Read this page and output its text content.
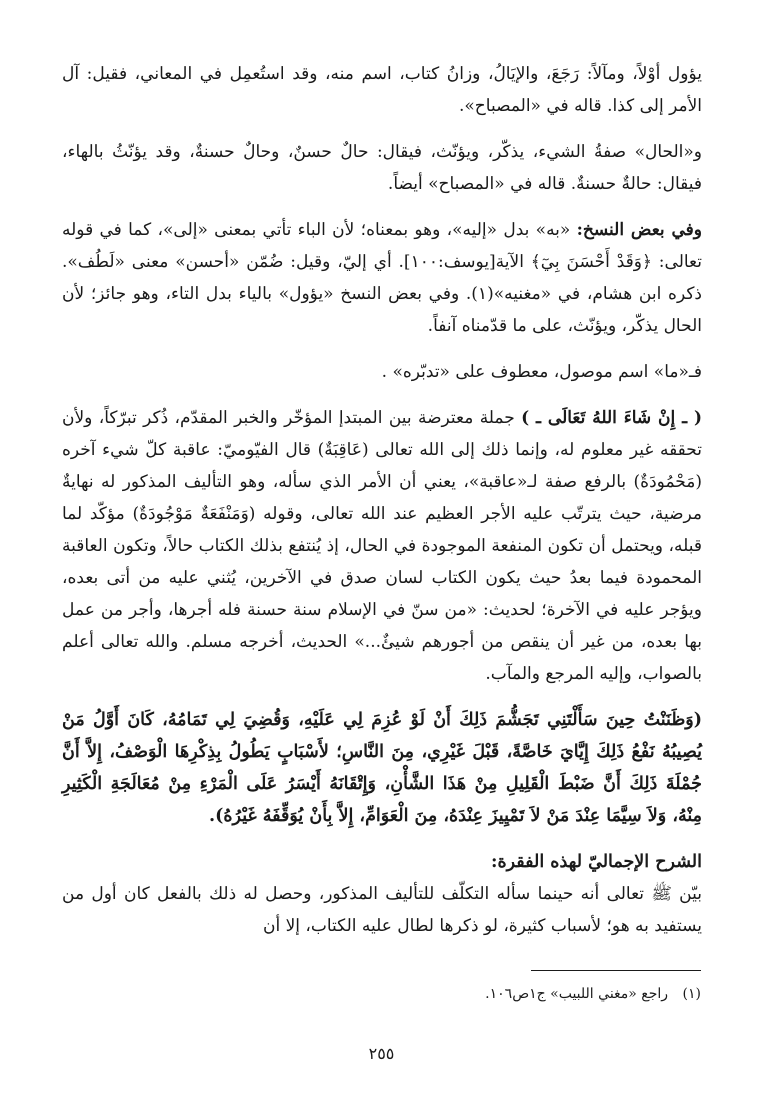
يؤول أوْلاً، ومآلاً: رَجَعَ، والإيَالُ، وزانُ كتاب، اسم منه، وقد استُعمِل في المعاني، فقيل: آل الأمر إلى كذا. قاله في «المصباح».

و«الحال» صفةُ الشيء، يذكّر، ويؤنّث، فيقال: حالٌ حسنٌ، وحالٌ حسنةٌ، وقد يؤنّثُ بالهاء، فيقال: حالةٌ حسنةٌ. قاله في «المصباح» أيضاً.

وفي بعض النسخ: «به» بدل «إليه»، وهو بمعناه؛ لأن الباء تأتي بمعنى «إلى»، كما في قوله تعالى: ﴿وَقَدْ أَحْسَنَ بِيٓ﴾ الآية[يوسف:١٠٠]. أي إليّ، وقيل: ضُمّن «أحسن» معنى «لَطُف». ذكره ابن هشام، في «مغنيه»(١). وفي بعض النسخ «يؤول» بالياء بدل التاء، وهو جائز؛ لأن الحال يذكّر، ويؤنّث، على ما قدّمناه آنفاً.

فـ«ما» اسم موصول، معطوف على «تدبّره» .

( ـ إِنْ شَاءَ اللهُ تَعَالَى ـ ) جملة معترضة بين المبتدإ المؤخّر والخبر المقدّم، ذُكر تبرّكاً، ولأن تحققه غير معلوم له، وإنما ذلك إلى الله تعالى (عَاقِبَةٌ) قال الفيّوميّ: عاقبة كلّ شيء آخره (مَحْمُودَةٌ) بالرفع صفة لـ«عاقبة»، يعني أن الأمر الذي سأله، وهو التأليف المذكور له نهايةٌ مرضية، حيث يترتّب عليه الأجر العظيم عند الله تعالى، وقوله (وَمَنْفَعَةٌ مَوْجُودَةٌ) مؤكّد لما قبله، ويحتمل أن تكون المنفعة الموجودة في الحال، إذ يُنتفع بذلك الكتاب حالاً، وتكون العاقبة المحمودة فيما بعدُ حيث يكون الكتاب لسان صدق في الآخرين، يُثني عليه من أتى بعده، ويؤجر عليه في الآخرة؛ لحديث: «من سنّ في الإسلام سنة حسنة فله أجرها، وأجر من عمل بها بعده، من غير أن ينقص من أجورهم شيئٌ...» الحديث، أخرجه مسلم. والله تعالى أعلم بالصواب، وإليه المرجع والمآب.

(وَظَنَنْتُ حِينَ سَأَلْتَنِي تَجَشُّمَ ذَلِكَ أَنْ لَوْ عُزِمَ لِي عَلَيْهِ، وَقُضِيَ لِي تَمَامُهُ، كَانَ أَوَّلُ مَنْ يُصِيبُهُ نَفْعُ ذَلِكَ إِيَّايَ خَاصَّةً، قَبْلَ غَيْرِي، مِنَ النَّاسِ؛ لأَسْبَابٍ يَطُولُ بِذِكْرِهَا الْوَصْفُ، إِلاَّ أَنَّ جُمْلَةَ ذَلِكَ أَنَّ ضَبْطَ الْقَلِيلِ مِنْ هَذَا الشَّأْنِ، وَإِتْقَانَهُ أَيْسَرُ عَلَى الْمَرْءِ مِنْ مُعَالَجَةِ الْكَثِيرِ مِنْهُ، وَلاَ سِيَّمَا عِنْدَ مَنْ لاَ تَمْيِيزَ عِنْدَهُ، مِنَ الْعَوَامِّ، إِلاَّ بِأَنْ يُوَقِّفَهُ غَيْرُهُ).

الشرح الإجماليّ لهذه الفقرة:

بيّن ﷺ تعالى أنه حينما سأله التكلّف للتأليف المذكور، وحصل له ذلك بالفعل كان أول من يستفيد به هو؛ لأسباب كثيرة، لو ذكرها لطال عليه الكتاب، إلا أن

(١) راجع «مغني اللبيب» ج١ص١٠٦.
٢٥٥
